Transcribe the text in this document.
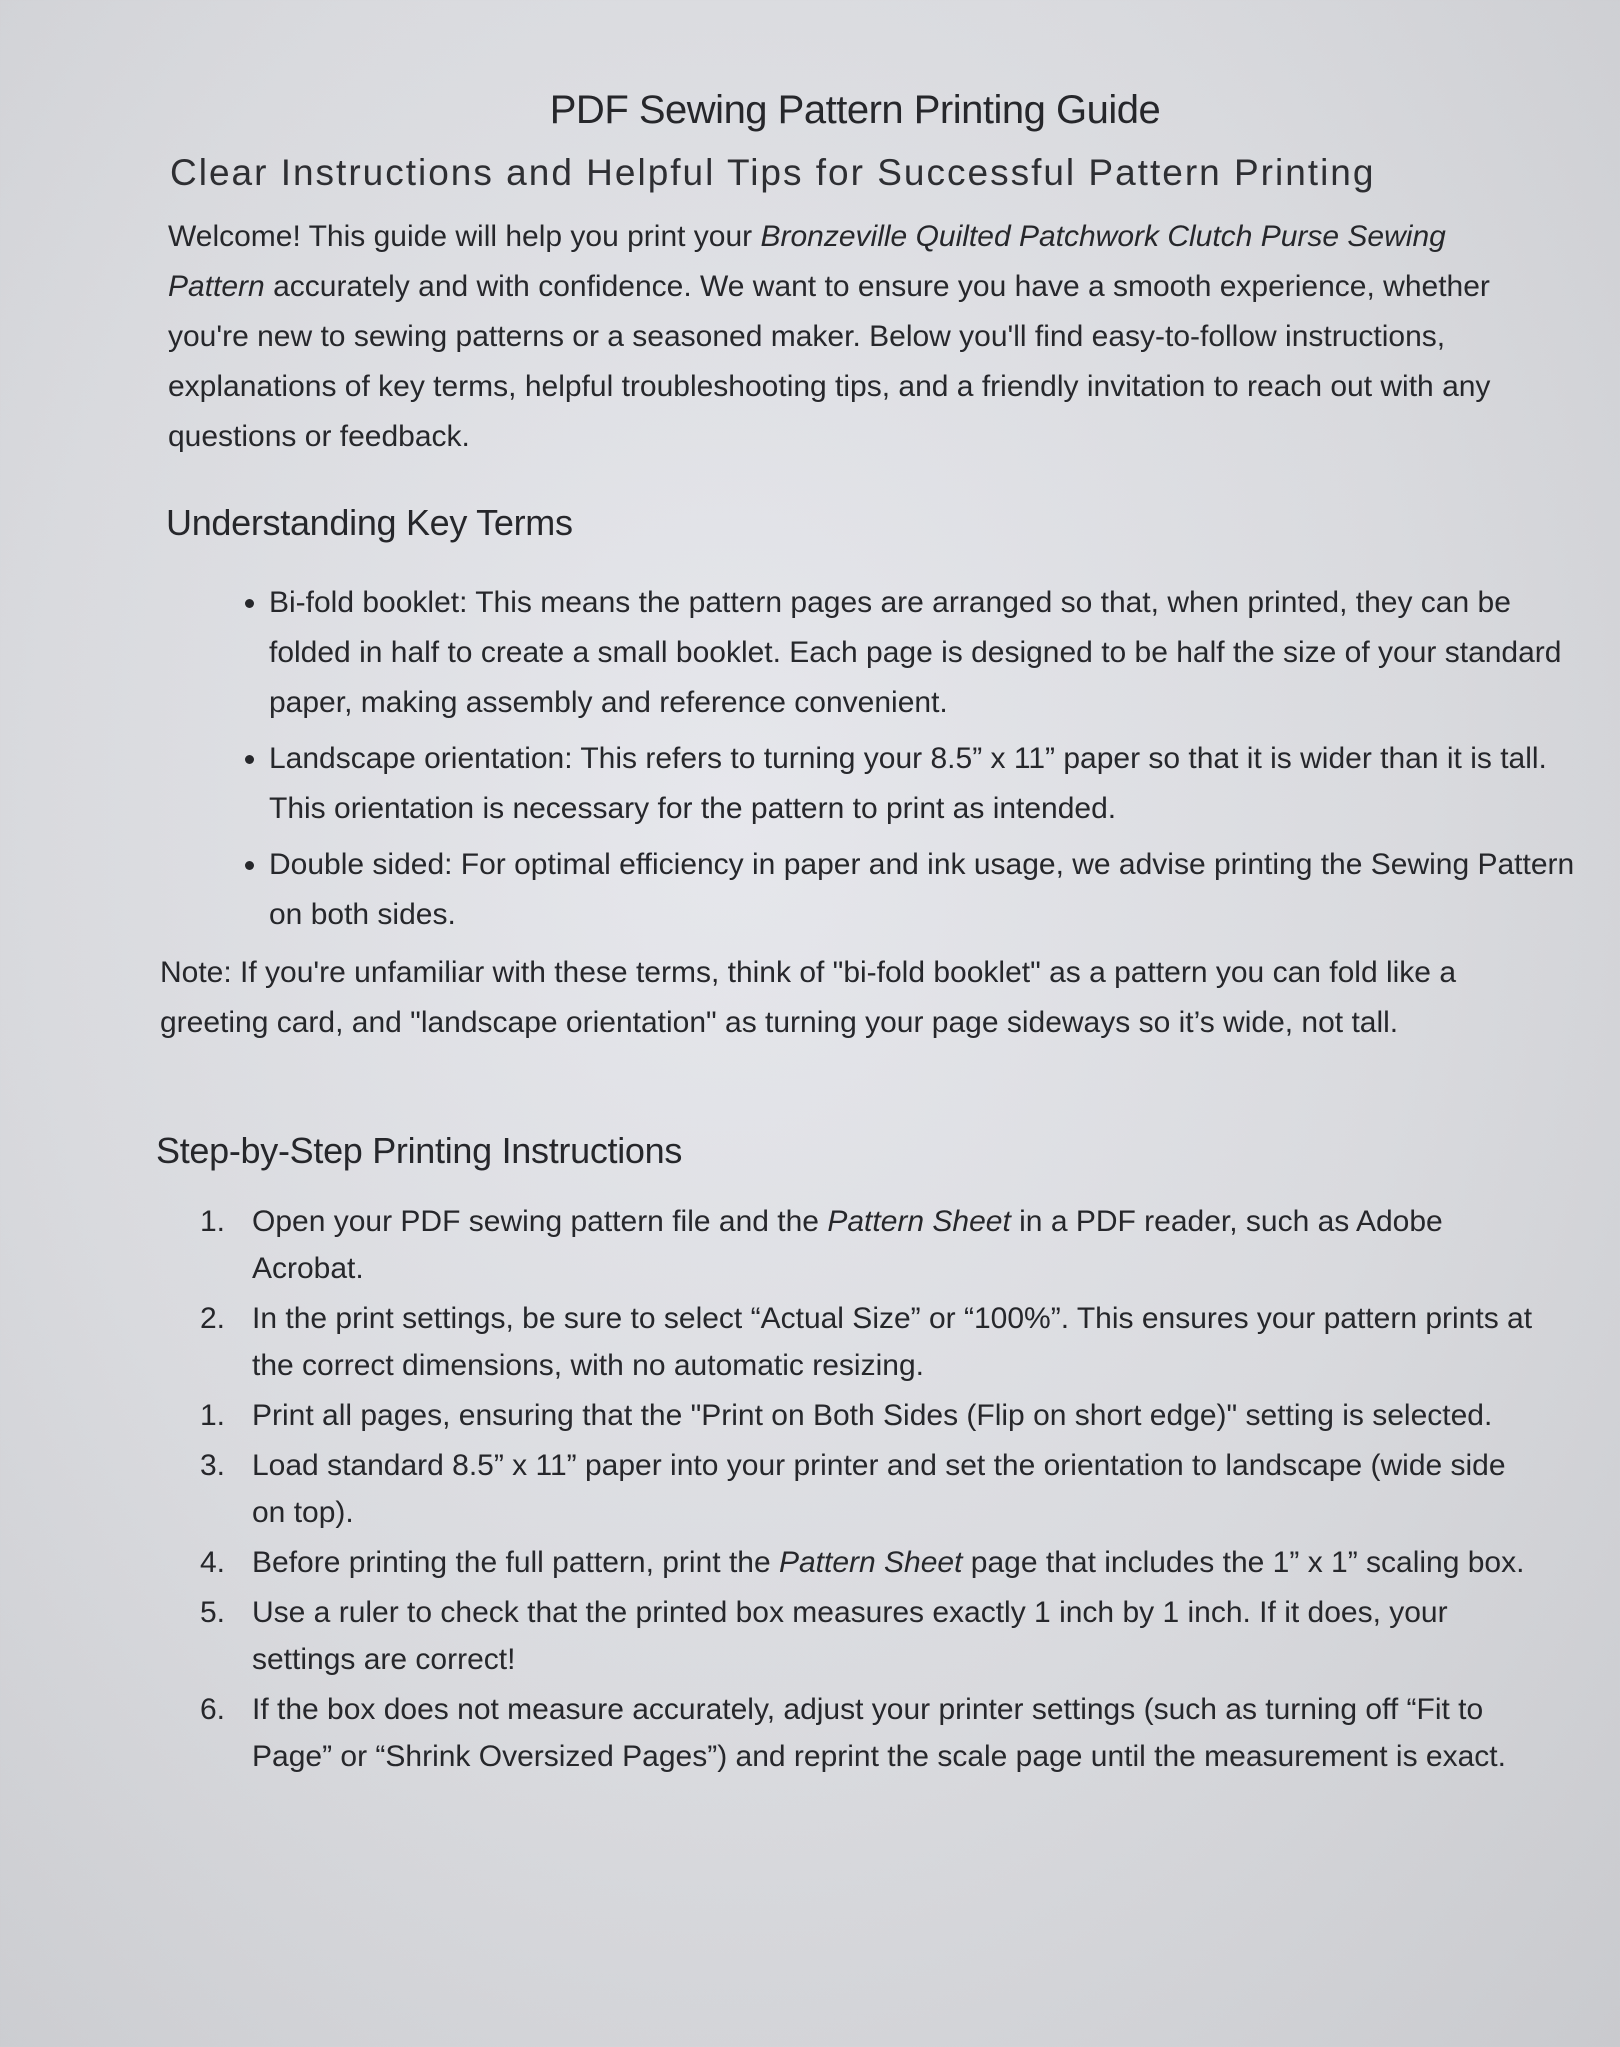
PDF Sewing Pattern Printing Guide
Clear Instructions and Helpful Tips for Successful Pattern Printing

Welcome! This guide will help you print your Bronzeville Quilted Patchwork Clutch Purse Sewing Pattern accurately and with confidence. We want to ensure you have a smooth experience, whether you're new to sewing patterns or a seasoned maker. Below you'll find easy-to-follow instructions, explanations of key terms, helpful troubleshooting tips, and a friendly invitation to reach out with any questions or feedback.

Understanding Key Terms
• Bi-fold booklet: This means the pattern pages are arranged so that, when printed, they can be folded in half to create a small booklet. Each page is designed to be half the size of your standard paper, making assembly and reference convenient.
• Landscape orientation: This refers to turning your 8.5” x 11” paper so that it is wider than it is tall. This orientation is necessary for the pattern to print as intended.
• Double sided: For optimal efficiency in paper and ink usage, we advise printing the Sewing Pattern on both sides.

Note: If you're unfamiliar with these terms, think of "bi-fold booklet" as a pattern you can fold like a greeting card, and "landscape orientation" as turning your page sideways so it’s wide, not tall.

Step-by-Step Printing Instructions
1. Open your PDF sewing pattern file and the Pattern Sheet in a PDF reader, such as Adobe Acrobat.
2. In the print settings, be sure to select “Actual Size” or “100%”. This ensures your pattern prints at the correct dimensions, with no automatic resizing.
1. Print all pages, ensuring that the "Print on Both Sides (Flip on short edge)" setting is selected.
3. Load standard 8.5” x 11” paper into your printer and set the orientation to landscape (wide side on top).
4. Before printing the full pattern, print the Pattern Sheet page that includes the 1” x 1” scaling box.
5. Use a ruler to check that the printed box measures exactly 1 inch by 1 inch. If it does, your settings are correct!
6. If the box does not measure accurately, adjust your printer settings (such as turning off “Fit to Page” or “Shrink Oversized Pages”) and reprint the scale page until the measurement is exact.
